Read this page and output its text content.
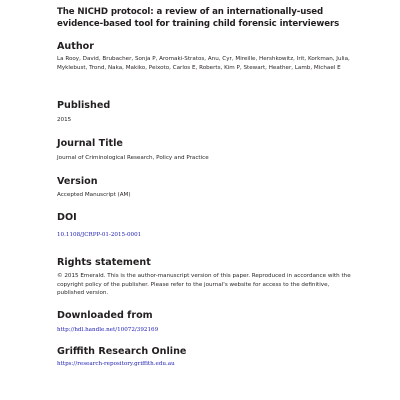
The NICHD protocol: a review of an internationally-used evidence-based tool for training child forensic interviewers
Author

La Rooy, David, Brubacher, Sonja P, Aromaki-Stratos, Anu, Cyr, Mireille, Hershkowitz, Irit, Korkman, Julia, Myklebust, Trond, Naka, Makiko, Peixoto, Carlos E, Roberts, Kim P, Stewart, Heather, Lamb, Michael E

Published

2015

Journal Title

Journal of Criminological Research, Policy and Practice

Version

Accepted Manuscript (AM)

DOI
10.1108/JCRPP-01-2015-0001
Rights statement

© 2015 Emerald. This is the author-manuscript version of this paper. Reproduced in accordance with the copyright policy of the publisher. Please refer to the journal's website for access to the definitive, published version.

Downloaded from
http://hdl.handle.net/10072/392169
Griffith Research Online
https://research-repository.griffith.edu.au
